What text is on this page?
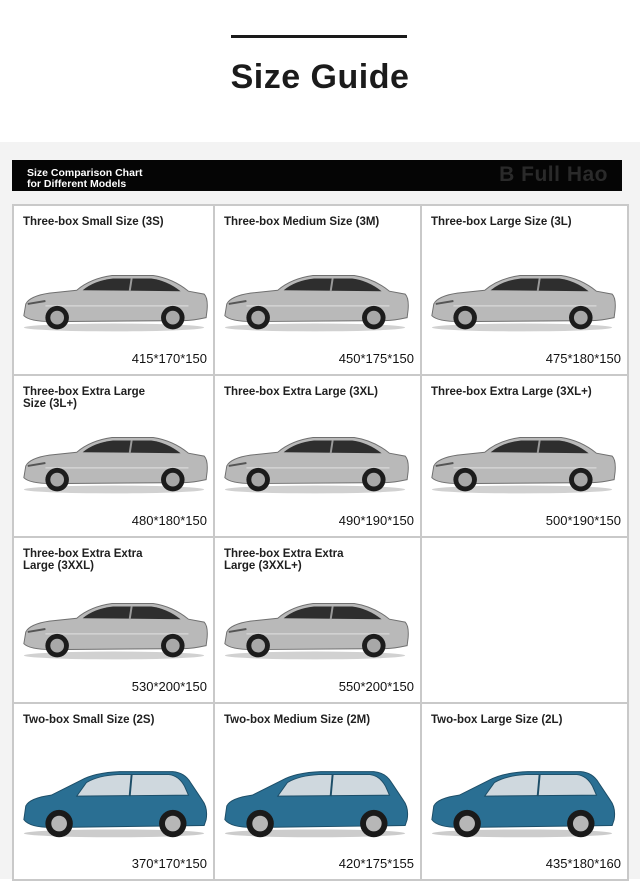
Size Guide
Size Comparison Chart
for Different Models	B Full Hao
Three-box Small Size (3S)
415*170*150
Three-box Medium Size (3M)
450*175*150
Three-box Large Size (3L)
475*180*150
Three-box Extra Large
Size (3L+)
480*180*150
Three-box Extra Large (3XL)
490*190*150
Three-box Extra Large (3XL+)
500*190*150
Three-box Extra Extra
Large (3XXL)
530*200*150
Three-box Extra Extra
Large (3XXL+)
550*200*150
Two-box Small Size (2S)
370*170*150
Two-box Medium Size (2M)
420*175*155
Two-box Large Size (2L)
435*180*160
